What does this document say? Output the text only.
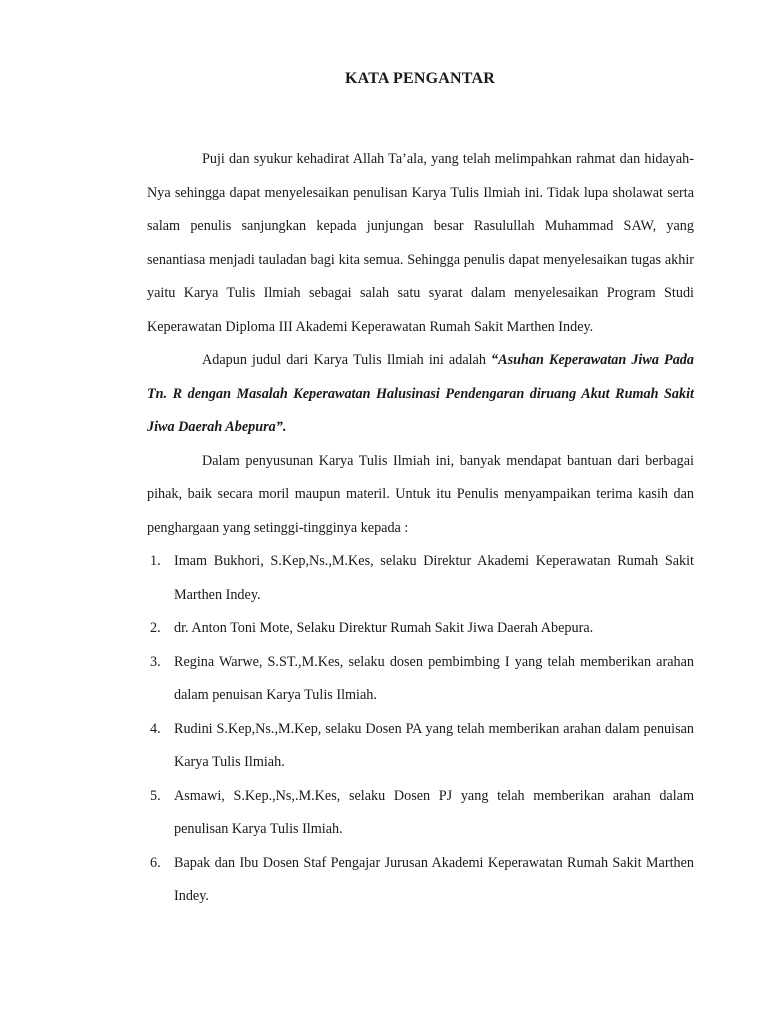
KATA PENGANTAR

Puji dan syukur kehadirat Allah Ta’ala, yang telah melimpahkan rahmat dan hidayah-Nya sehingga dapat menyelesaikan penulisan Karya Tulis Ilmiah ini. Tidak lupa sholawat serta salam penulis sanjungkan kepada junjungan besar Rasulullah Muhammad SAW, yang senantiasa menjadi tauladan bagi kita semua. Sehingga penulis dapat menyelesaikan tugas akhir yaitu Karya Tulis Ilmiah sebagai salah satu syarat dalam menyelesaikan Program Studi Keperawatan Diploma III Akademi Keperawatan Rumah Sakit Marthen Indey.

Adapun judul dari Karya Tulis Ilmiah ini adalah “Asuhan Keperawatan Jiwa Pada Tn. R dengan Masalah Keperawatan Halusinasi Pendengaran diruang Akut Rumah Sakit Jiwa Daerah Abepura”.

Dalam penyusunan Karya Tulis Ilmiah ini, banyak mendapat bantuan dari berbagai pihak, baik secara moril maupun materil. Untuk itu Penulis menyampaikan terima kasih dan penghargaan yang setinggi-tingginya kepada :

1. Imam Bukhori, S.Kep,Ns.,M.Kes, selaku Direktur Akademi Keperawatan Rumah Sakit Marthen Indey.
2. dr. Anton Toni Mote, Selaku Direktur Rumah Sakit Jiwa Daerah Abepura.
3. Regina Warwe, S.ST.,M.Kes, selaku dosen pembimbing I yang telah memberikan arahan dalam penuisan Karya Tulis Ilmiah.
4. Rudini S.Kep,Ns.,M.Kep, selaku Dosen PA yang telah memberikan arahan dalam penuisan Karya Tulis Ilmiah.
5. Asmawi, S.Kep.,Ns,.M.Kes, selaku Dosen PJ yang telah memberikan arahan dalam penulisan Karya Tulis Ilmiah.
6. Bapak dan Ibu Dosen Staf Pengajar Jurusan Akademi Keperawatan Rumah Sakit Marthen Indey.
